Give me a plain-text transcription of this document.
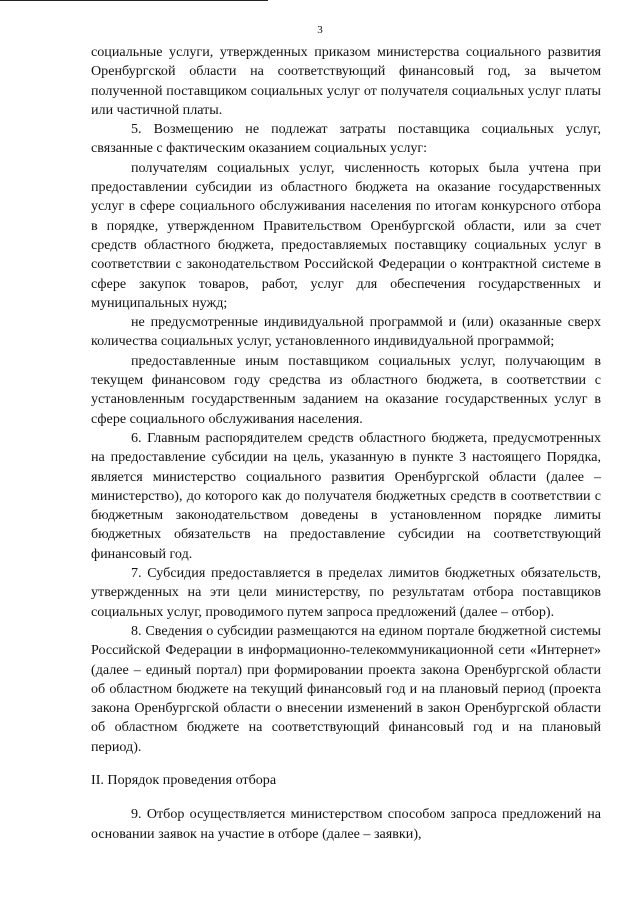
3

социальные услуги, утвержденных приказом министерства социального развития Оренбургской области на соответствующий финансовый год, за вычетом полученной поставщиком социальных услуг от получателя социальных услуг платы или частичной платы.

5. Возмещению не подлежат затраты поставщика социальных услуг, связанные с фактическим оказанием социальных услуг:

получателям социальных услуг, численность которых была учтена при предоставлении субсидии из областного бюджета на оказание государственных услуг в сфере социального обслуживания населения по итогам конкурсного отбора в порядке, утвержденном Правительством Оренбургской области, или за счет средств областного бюджета, предоставляемых поставщику социальных услуг в соответствии с законодательством Российской Федерации о контрактной системе в сфере закупок товаров, работ, услуг для обеспечения государственных и муниципальных нужд;

не предусмотренные индивидуальной программой и (или) оказанные сверх количества социальных услуг, установленного индивидуальной программой;

предоставленные иным поставщиком социальных услуг, получающим в текущем финансовом году средства из областного бюджета, в соответствии с установленным государственным заданием на оказание государственных услуг в сфере социального обслуживания населения.

6. Главным распорядителем средств областного бюджета, предусмотренных на предоставление субсидии на цель, указанную в пункте 3 настоящего Порядка, является министерство социального развития Оренбургской области (далее –министерство), до которого как до получателя бюджетных средств в соответствии с бюджетным законодательством доведены в установленном порядке лимиты бюджетных обязательств на предоставление субсидии на соответствующий финансовый год.

7. Субсидия предоставляется в пределах лимитов бюджетных обязательств, утвержденных на эти цели министерству, по результатам отбора поставщиков социальных услуг, проводимого путем запроса предложений (далее – отбор).

8. Сведения о субсидии размещаются на едином портале бюджетной системы Российской Федерации в информационно-телекоммуникационной сети «Интернет» (далее – единый портал) при формировании проекта закона Оренбургской области об областном бюджете на текущий финансовый год и на плановый период (проекта закона Оренбургской области о внесении изменений в закон Оренбургской области об областном бюджете на соответствующий финансовый год и на плановый период).

II. Порядок проведения отбора

9. Отбор осуществляется министерством способом запроса предложений на основании заявок на участие в отборе (далее – заявки),
